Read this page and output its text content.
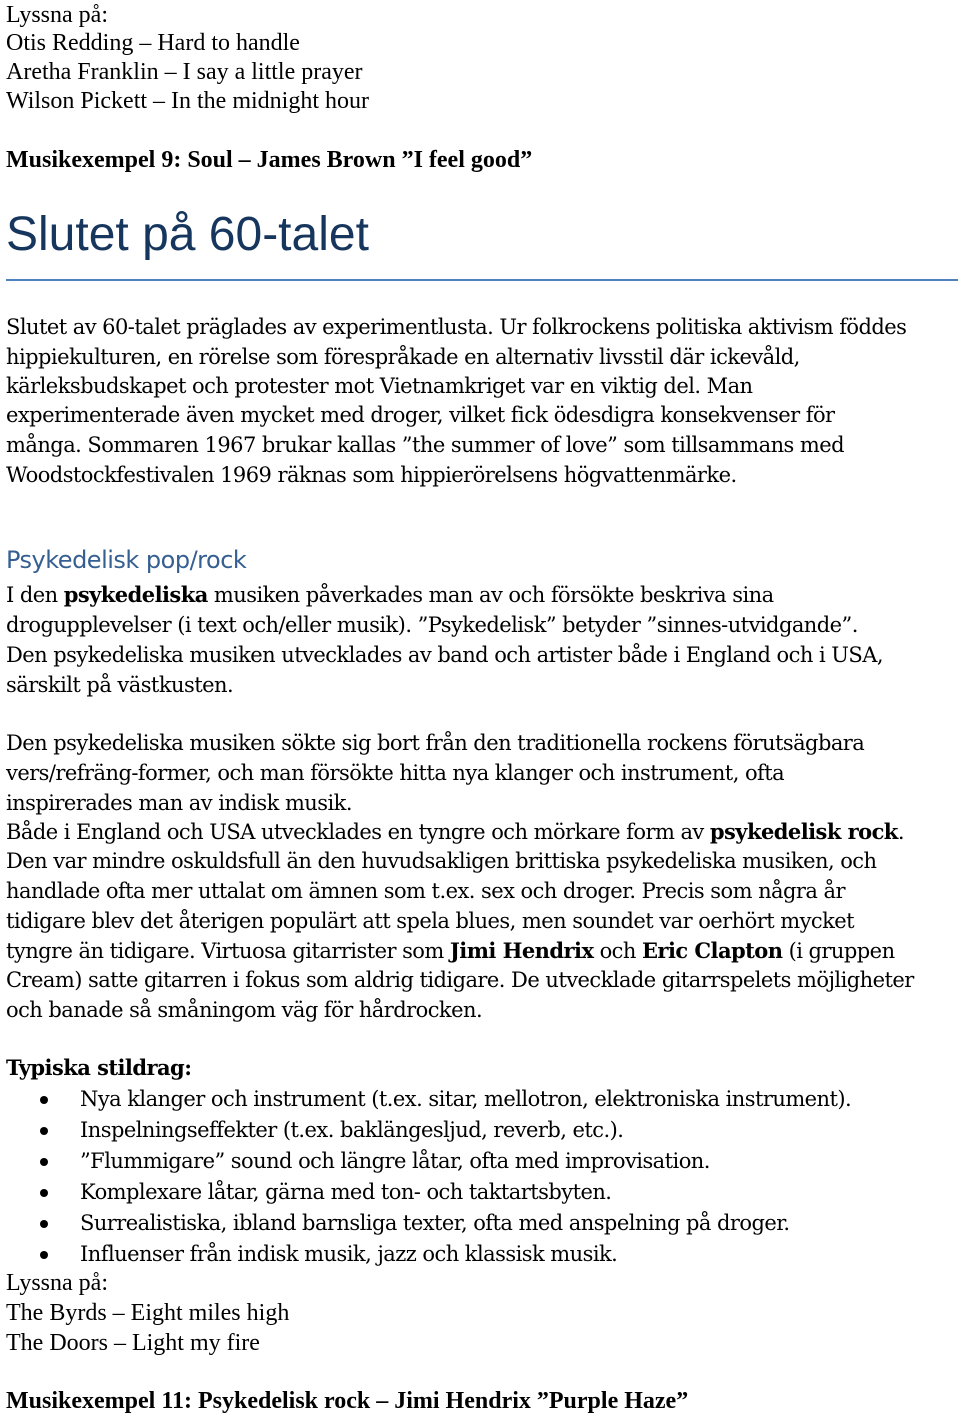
Lyssna på:
Otis Redding – Hard to handle
Aretha Franklin – I say a little prayer
Wilson Pickett – In the midnight hour
Musikexempel 9: Soul – James Brown ”I feel good”
Slutet på 60-talet
Slutet av 60-talet präglades av experimentlusta. Ur folkrockens politiska aktivism föddes
hippiekulturen, en rörelse som förespråkade en alternativ livsstil där ickevåld,
kärleksbudskapet och protester mot Vietnamkriget var en viktig del. Man
experimenterade även mycket med droger, vilket fick ödesdigra konsekvenser för
många. Sommaren 1967 brukar kallas ”the summer of love” som tillsammans med
Woodstockfestivalen 1969 räknas som hippierörelsens högvattenmärke.
Psykedelisk pop/rock
I den psykedeliska musiken påverkades man av och försökte beskriva sina
drogupplevelser (i text och/eller musik). ”Psykedelisk” betyder ”sinnes-utvidgande”.
Den psykedeliska musiken utvecklades av band och artister både i England och i USA,
särskilt på västkusten.
Den psykedeliska musiken sökte sig bort från den traditionella rockens förutsägbara
vers/refräng-former, och man försökte hitta nya klanger och instrument, ofta
inspirerades man av indisk musik.
Både i England och USA utvecklades en tyngre och mörkare form av psykedelisk rock.
Den var mindre oskuldsfull än den huvudsakligen brittiska psykedeliska musiken, och
handlade ofta mer uttalat om ämnen som t.ex. sex och droger. Precis som några år
tidigare blev det återigen populärt att spela blues, men soundet var oerhört mycket
tyngre än tidigare. Virtuosa gitarrister som Jimi Hendrix och Eric Clapton (i gruppen
Cream) satte gitarren i fokus som aldrig tidigare. De utvecklade gitarrspelets möjligheter
och banade så småningom väg för hårdrocken.
Typiska stildrag:
Nya klanger och instrument (t.ex. sitar, mellotron, elektroniska instrument).
Inspelningseffekter (t.ex. baklängesljud, reverb, etc.).
”Flummigare” sound och längre låtar, ofta med improvisation.
Komplexare låtar, gärna med ton- och taktartsbyten.
Surrealistiska, ibland barnsliga texter, ofta med anspelning på droger.
Influenser från indisk musik, jazz och klassisk musik.
Lyssna på:
The Byrds – Eight miles high
The Doors – Light my fire
Musikexempel 11: Psykedelisk rock – Jimi Hendrix ”Purple Haze”
